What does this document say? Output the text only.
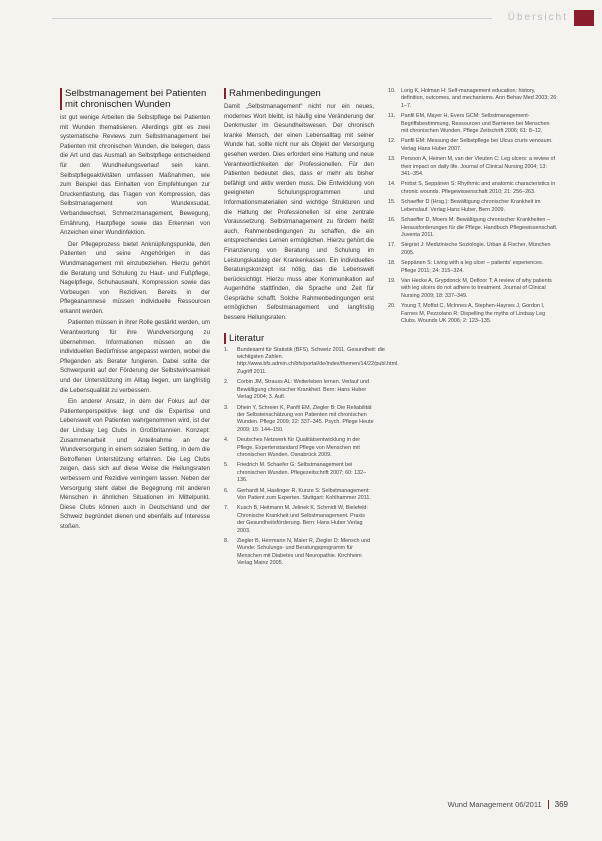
Übersicht
Selbstmanagement bei Patienten mit chronischen Wunden

ist gut wenige Arbeiten die Selbstpflege bei Patienten mit Wunden thematisieren. Allerdings gibt es zwei systematische Reviews zum Selbstmanagement bei Patienten mit chronischen Wunden, die belegen, dass die Art und das Ausmaß an Selbstpflege entscheidend für den Wundheilungsverlauf sein kann. Selbstpflegeaktivitäten umfassen Maßnahmen, wie zum Beispiel das Einhalten von Empfehlungen zur Druckentlastung, das Tragen von Kompression, das Selbstmanagement von Wundexsudat, Verbandwechsel, Schmerzmanagement, Bewegung, Ernährung, Hautpflege sowie das Erkennen von Anzeichen einer Wundinfektion.

Der Pflegeprozess bietet Anknüpfungspunkte, den Patienten und seine Angehörigen in das Wundmanagement mit einzubeziehen. Hierzu gehört die Beratung und Schulung zu Haut- und Fußpflege, Nagelpflege, Schuhauswahl, Kompression sowie das Vorbeugen von Rezidiven. Bereits in der Pflegeanamnese müssen individuelle Ressourcen erkannt werden.

Patienten müssen in ihrer Rolle gestärkt werden, um Verantwortung für ihre Wundversorgung zu übernehmen. Informationen müssen an die individuellen Bedürfnisse angepasst werden, wobei die Pflegenden als Berater fungieren. Dabei sollte der Schwerpunkt auf der Förderung der Selbstwirksamkeit und der Unterstützung im Alltag liegen, um langfristig die Lebensqualität zu verbessern.

Ein anderer Ansatz, in dem der Fokus auf der Patientenperspektive liegt und die Expertise und Lebenswelt von Patienten wahrgenommen wird, ist der der Lindsay Leg Clubs in Großbritannien. Konzept: Zusammenarbeit und Anteilnahme an der Wundversorgung in einem sozialen Setting, in dem die Betroffenen Unterstützung erfahren. Die Leg Clubs zeigen, dass sich auf diese Weise die Heilungsraten verbessern und Rezidive verringern lassen. Neben der Versorgung steht dabei die Begegnung mit anderen Menschen in ähnlichen Situationen im Mittelpunkt. Diese Clubs können auch in Deutschland und der Schweiz begründet dienen und ebenfalls auf Interesse stoßen.

Rahmenbedingungen

Damit „Selbstmanagement“ nicht nur ein neues, modernes Wort bleibt, ist häufig eine Veränderung der Denkmuster im Gesundheitswesen. Der chronisch kranke Mensch, der einen Lebensalltag mit seiner Wunde hat, sollte nicht nur als Objekt der Versorgung gesehen werden. Dies erfordert eine Haltung und neue Verantwortlichkeiten der Professionellen. Für den Patienten bedeutet dies, dass er mehr als bisher befähigt und aktiv werden muss. Die Entwicklung von geeigneten Schulungsprogrammen und Informationsmaterialien sind wichtige Strukturen und die Haltung der Professionellen ist eine zentrale Voraussetzung. Selbstmanagement zu fördern heißt auch, Rahmenbedingungen zu schaffen, die ein entsprechendes Lernen ermöglichen. Hierzu gehört die Finanzierung von Beratung und Schulung im Leistungskatalog der Krankenkassen. Ein individuelles Beratungskonzept ist nötig, das die Lebenswelt berücksichtigt. Hierzu muss aber Kommunikation auf Augenhöhe stattfinden, die Sprache und Zeit für Gespräche schafft. Solche Rahmenbedingungen erst ermöglichen Selbstmanagement und langfristig bessere Heilungsraten.

Literatur
1.	Bundesamt für Statistik (BFS). Schweiz 2011. Gesundheit: die wichtigsten Zahlen. http://www.bfs.admin.ch/bfs/portal/de/index/themen/14/22/publ.html. Zugriff 2011.
2.	Corbin JM, Strauss AL: Weiterleben lernen. Verlauf und Bewältigung chronischer Krankheit. Bern: Hans Huber Verlag 2004; 3. Aufl.
3.	Dhein Y, Schreier K, Panfil EM, Ziegler B: Die Reliabilität der Selbsteinschätzung von Patienten mit chronischen Wunden. Pflege 2009; 22: 337–345. Psych. Pflege Heute 2009; 15: 144–150.
4.	Deutsches Netzwerk für Qualitätsentwicklung in der Pflege. Expertenstandard Pflege von Menschen mit chronischen Wunden. Osnabrück 2009.
5.	Friedrich M. Schaefer G: Selbstmanagement bei chronischen Wunden. Pflegezeitschrift 2007; 60: 132–136.
6.	Gerhardt M, Haslinger R, Kunze S: Selbstmanagement: Von Patient zum Experten. Stuttgart: Kohlhammer 2011.
7.	Kusch B, Heitmann M, Jelinek K, Schmidt W, Bielefeld: Chronische Krankheit und Selbstmanagement. Praxis der Gesundheitsförderung. Bern: Hans Huber Verlag 2003.
8.	Ziegler B, Herrmann N, Maier R, Ziegler D: Mensch und Wunde: Schulungs- und Beratungsprogramm für Menschen mit Diabetes und Neuropathie. Kirchheim Verlag Mainz 2005.
10.	Lorig K, Holman H: Self-management education: history, definition, outcomes, and mechanisms. Ann Behav Med 2003; 26: 1–7.
11.	Panfil EM, Mayer H, Evers GCM: Selbstmanagement-Begriffsbestimmung, Ressourcen und Barrieren bei Menschen mit chronischen Wunden. Pflege Zeitschrift 2006; 61: 8–12.
12.	Panfil EM: Messung der Selbstpflege bei Ulcus cruris venosum. Verlag Hans Huber 2007.
13.	Persoon A, Heinen M, van der Vleuten C: Leg ulcers: a review of their impact on daily life. Journal of Clinical Nursing 2004; 13: 341–354.
14.	Probst S, Seppänen S: Rhythmic and anatomic characteristics in chronic wounds. Pflegewissenschaft 2010; 21: 256–263.
15.	Schaeffer D (Hrsg.): Bewältigung chronischer Krankheit im Lebenslauf. Verlag Hans Huber, Bern 2009.
16.	Schaeffer D, Moers M: Bewältigung chronischer Krankheiten – Herausforderungen für die Pflege. Handbuch Pflegewissenschaft. Juventa 2011.
17.	Siegrist J: Medizinische Soziologie. Urban & Fischer, München 2005.
18.	Seppänen S: Living with a leg ulcer – patients' experiences. Pflege 2011; 24: 315–324.
19.	Van Hecke A, Grypdonck M, Defloor T: A review of why patients with leg ulcers do not adhere to treatment. Journal of Clinical Nursing 2009; 18: 337–349.
20.	Young T, Moffat C, McInnes A, Stephen-Haynes J, Gordon I, Farnes M, Pezzolano R: Dispelling the myths of Lindsay Leg Clubs. Wounds UK 2006; 2: 123–135.
Wund Management 06/2011 369
